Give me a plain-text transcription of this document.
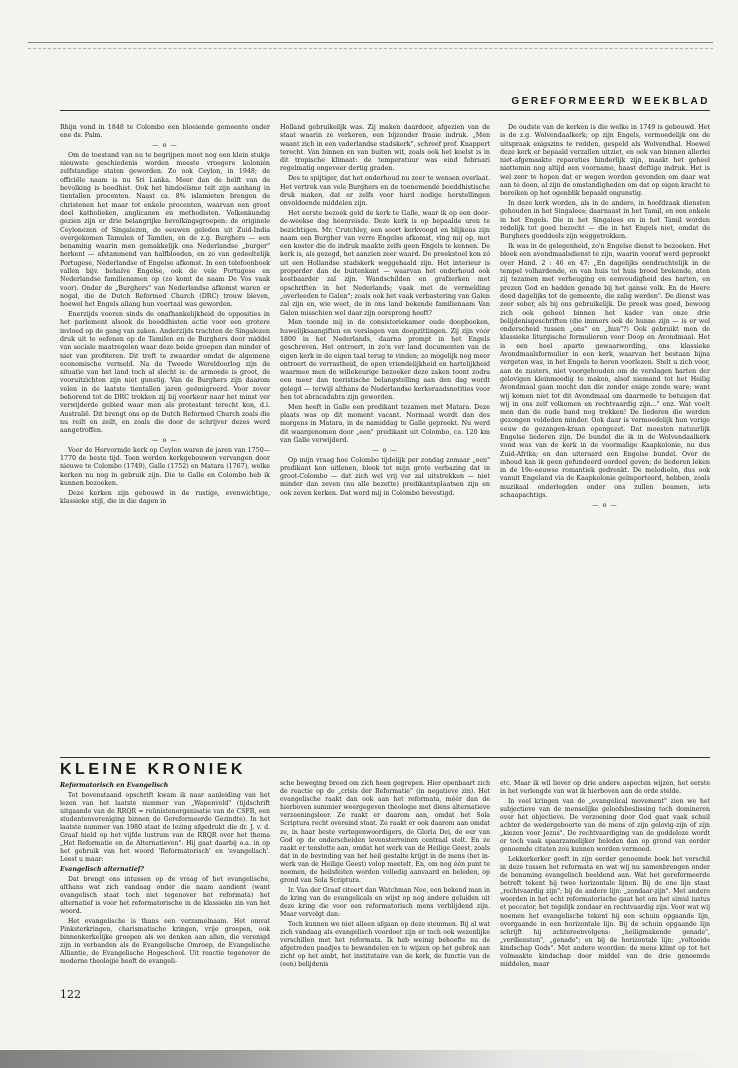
GEREFORMEERD WEEKBLAD

Rhijn vond in 1848 te Colombo een bloeiende gemeente onder ene ds. Palm.

— o —

Om de toestand van nu te begrijpen moet nog een klein stukje nieuwste geschiedenis worden meeste vroegere kolonién zelfstandige staten geworden. Zo ook Ceylon, in 1948; de officiële naam is nu Sri Lanka. Meer dan de helft van de bevolking is boedhist. Ook het hindoeïsme telt zijn aanhang in tientallen procenten. Naast ca. 8% islamieten brengen de christenen het maar tot enkele procenten, waarvan een groot deel katholieken, anglicanen en methodisten. Volkenkundig gezien zijn er drie belangrijke bevolkingsgroepen: de originele Ceylonezen of Singalezen, de eeuwen geleden uit Zuid-India overgekomen Tamulen of Tamilen, en de z.g. Burghers — een benaming waarin men gemakkelijk ons Nederlandse „burger" herkent — afstammend van halfbloeden, en zo van gedeeltelijk Portugese, Nederlandse of Engelse afkomst. In een telefoonboek vallen bijv. behalve Engelse, ook de vele Portugese en Nederlandse familienamen op (zo komt de naam De Vos vaak voor). Onder de „Burghers" van Nederlandse afkomst waren er nogal, die de Dutch Reformed Church (DRC) trouw bleven, hoewel het Engels allang hun voertaal was geworden.

Enerzijds voeren sinds de onafhankelijkheid de opposities in het parlement alsook de boeddhisten actie voor een grotere invloed op de gang van zaken. Anderzijds trachten de Singalezen druk uit te oefenen op de Tamilen en de Burghers door middel van sociale maatregelen waar deze beide groepen dan minder of niet van profiteren. Dit treft te zwaarder omdat de algemene economische vermeld. Na de Tweede Wereldoorlog zijn de situatie van het land toch al slecht is: de armoede is groot, de vooruitzichten zijn niet gunstig. Van de Burghers zijn daarom velen in de laatste tientallen jaren geëmigreerd. Voor zover behorend tot de DRC trokken zij bij voorkeur naar het minst ver verwijderde gebied waar men als protestant terecht kon, d.i. Australië. Dit brengt ons op de Dutch Reformed Church zoals die nu reilt en zeilt, en zoals die door de schrijver dezes werd aangetroffen.

— o —

Voor de Hervormde kerk op Ceylon waren de jaren van 1750—1770 de beste tijd. Toen werden kerkgebouwen vervangen door nieuwe te Colombo (1749), Galle (1752) en Matara (1767), welke kerken nu nog in gebruik zijn. Die te Galle en Colombo heb ik kunnen bezoeken.

Deze kerken zijn gebouwd in de rustige, evenwichtige, klassieke stijl, die in die dagen in

Holland gebruikelijk was. Zij maken daardoor, afgezien van de staat waarin ze verkeren, een bijzonder fraaie indruk. „Men waant zich in een vaderlandse stadskerk", schreef prof. Knappert terecht. Van binnen en van buiten wit, zoals ook het koelst is in dit tropische klimaat: de temperatuur was eind februari regelmatig ongeveer dertig graden.

Des te spijtiger, dat het onderhoud nu zeer te wensen overlaat. Het vertrek van vele Burghers en de toenemende boeddhistische druk maken, dat er zelfs voor hard nodige herstellingen onvoldoende middelen zijn.

Het eerste bezoek gold de kerk te Galle, waar ik op een door-de-weekse dag heenreisde. Deze kerk is op bepaalde uren te bezichtigen. Mr. Crutchley, een soort kerkvoogd en blijkens zijn naam een Burgher van verre Engelse afkomst, ving mij op, met een koster die de indruk maakte zelfs geen Engels te kennen. De kerk is, als gezegd, het aanzien zeer waard. De preekstoel kon zó uit een Hollandse stadskerk weggehaald zijn. Het interieur is properder dan de buitenkant — waarvan het onderhoud ook kostbaarder zal zijn. Wandschilden en grafzerken met opschriften in het Nederlands; vaak met de vermelding „overleeden te Galen"; zoals ook het vaak verbastering van Galen zal zijn en, wie weet, de in ons land bekende familienaam Van Galen misschien wel daar zijn oorsprong heeft?

Men toonde mij in de consistoriekamer oude doopboeken, huwelijksaangiften en verslagen van doopzittingen. Zij zijn vóór 1800 in het Nederlands, daarna prompt in het Engels geschreven. Het ontroert, in zo'n ver land documenten van de eigen kerk in de eigen taal terug te vinden; zo mogelijk nog meer ontroert de verrastheid, de open vriendelijkheid en hartelijkheid waarmee men de willekeurige bezoeker deze zaken toont zodra een meer dan toeristische belangstelling aan den dag wordt gelegd — terwijl althans de Nederlandse kerkeraadsnotities voor hen tot abracadabra zijn geworden.

Men heeft in Galle een predikant tezamen met Matara. Deze plaats was op dit moment vacant. Normaal wordt dan des morgens in Matara, in de namiddag te Galle gepreekt. Nu werd dit waargenomen door „een" predikant uit Colombo, ca. 120 km van Galle verwijderd.

— o —

Op mijn vraag hoe Colombo tijdelijk per zondag zomaar „een" predikant kon uitlenen, bleek tot mijn grote verbazing dat in groot-Colombo — dat zich wel vrij ver zal uitstrekken — niet minder dan zeven (nu alle bezette) predikantsplaatsen zijn en ook zeven kerken. Dat werd mij in Colombo bevestigd.

De oudste van de kerken is die welke in 1749 is gebouwd. Het is de z.g. Wolvendaalkerk; op zijn Engels, vermoedelijk om de uitspraak enigszins te redden, gespeld als Wolvendhal. Hoewel deze kerk er bepaald verzallen uitziet, en ook van binnen allerlei niet-afgemaakte reparaties hinderlijk zijn, maakt het geheel niettemin nog altijd een voorname, haast deftige indruk. Het is wel zeer te hopen dat er wegen worden gevonden om daar wat aan te doen, al zijn de omstandigheden om dat op eigen kracht te bereiken op het ogenblik bepaald ongunstig.

In deze kerk worden, als in de andere, in hoofdzaak diensten gehouden in het Singalees; daarnaast in het Tamil, en een enkele in het Engels. Die in het Singalees en in het Tamil worden redelijk tot goed bezocht — die in het Engels niet, omdat de Burghers goeddeels zijn weggetrokken.

Ik was in de gelegenheid, zo'n Engelse dienst te bezoeken. Het bleek een avondmaalsdienst te zijn, waarin vooraf werd gepreekt over Hand. 2 : 46 en 47: „En dagelijks eendrachtelijk in de tempel volhardende, en van huis tot huis brood brekende, aten zij tezamen met verheuging en eenvoudigheid des harten, en prezen God en hadden genade bij het ganse volk. En de Heere deed dagelijks tot de gemeente, die zalig werden". De dienst was zeer sober, als bij ons gebruikelijk. De preek was goed, bewoog zich ook geheel binnen het kader van onze drie belijdenisgeschriften (die immers ook de hunne zijn — is er wel onderscheid tussen „ons" en „hun"?) Ook gebruikt men de klassieke liturgische formulieren voor Doop en Avondmaal. Het is een heel aparte gewaarwording, ons klassieke Avondmaalsformulier in een kerk, waarvan het bestaan bijna vergeten was, in het Engels te horen voorlezen. Stelt u zich voor, aan de zusters, niet voorgehouden om de verslagen harten der gelovigen kleinmoedig te maken, alsof niemand tot het Heilig Avondmaal gaan mocht dan die zonder enige zonde ware; want wij komen niet tot dit Avondmaal om daarmede te betuigen dat wij in ons zelf volkomen en rechtvaardig zijn..." enz. Wat voelt men dan de oude band nog trekken! De liederen die werden gezongen voldeden minder. Ook daar is vermoedelijk hun vorige eeuw de gezangen-kraan opengezet. Dat moesten natuurlijk Engelse liederen zijn. De bundel die ik in de Wolvendaalkerk vond was van de kerk in de voormalige Kaapkolonie, nu dus Zuid-Afrika; en dan uiteraard een Engelse bundel. Over de inhoud kan ik geen gefundeerd oordeel geven; de liederen leken in de 19e-eeuwse romantiek gedrenkt. De melodieën, dus ook vanuit Engeland via de Kaapkolonie geïmporteerd, hebben, zoals muzikaal onderlegden onder ons zullen beamen, iets schaapachtigs.

— o —

KLEINE KRONIEK

Reformatorisch en Evangelisch

Tot bovenstaand opschrift kwam ik naar aanleiding van het lezen van het laatste nummer van „Wapenveld" (tijdschrift uitgaande van de RRQR = reünistenorganisatie van de CSFR, een studentenvereniging binnen de Gereformeerde Gezindte). In het laatste nummer van 1980 staat de lezing afgedrukt die dr. J. v. d. Graaf hield op het vijfde lustrum van de RRQR over het thema „Het Reformatie en de Alternatieven". Hij gaat daarbij o.a. in op het gebruik van het woord 'Reformatorisch' en 'evangelisch'. Leest u maar:

Evangelisch alternatief?

Dat brengt ons intussen op de vraag of het evangelische, althans wat zich vandaag onder die naam aandient (want evangelisch staat toch niet tegenover het reformata) het alternatief is voor het reformatorische in de klassieke zin van het woord.

Het evangelische is thans een verzamelnaam. Het omvat Pinksterkringen, charismatische kringen, vrije groepen, ook binnenkerkelijke groepen als we denken aan allen, die verenigd zijn in verbanden als de Evangelische Omroep, de Evangelische Alliantie, de Evangelische Hogeschool. Uit reactie tegenover de moderne theologie heeft de evangeli-

sche beweging breed om zich heen gegrepen. Hier openbaart zich de reactie op de „crisis der Reformatie" (in negatieve zin). Het evangelische raakt dan ook aan het reformata, méér dan de hierboven summier weergegeven theologie met diens alternatieve verzeeningsleer. Ze raakt er daarom aan, omdat het Sola Scriptura recht overeind staat. Ze raakt er ook daarom aan omdat ze, in haar beste vertegenwoordigers, de Gloria Dei, de eer van God op de onderscheiden levensterreinen centraal stelt. En ze raakt er tenslotte aan, omdat het werk van de Heilige Geest, zoals dat in de bevinding van het heil gestalte krijgt in de mens (het in-werk van de Heilige Geest) volop meetelt. En, om nog één punt te noemen, de heilsfeiten worden volledig aanvaard en beleden, op grond van Sola Scriptura.

Ir. Van der Graaf citeert dan Watchman Nee, een bekend man in de kring van de evangelicals en wijst op nog andere geluiden uit deze kring die voor een reformatorisch mens verblijdend zijn. Maar vervolgt dan:

Toch kunnen we niet alleen afgaan op deze stemmen. Bij al wat zich vandaag als evangelisch voordoet zijn er toch ook wezenlijke verschillen met het reformata. Ik heb weinig behoefte nu de afgetreden paadjes te bewandelen en te wijzen op het gebrek aan zicht op het ambt, het institutaire van de kerk, de functie van de (een) belijdenis

etc. Maar ik wil liever op drie andere aspecten wijzen, het eerste in het verlengde van wat ik hierboven aan de orde stelde.

In veel kringen van de „evangelical movement" zien we het subjectieve van de menselijke geloofsbeslissing toch domineren over het objectieve. De verzoening door God gaat vaak schuil achter de wedergeboorte van de mens of zijn gelovig-zijn of zijn „kiezen voor Jezus". De rechtvaardiging van de goddeloze wordt er toch vaak spaarzamelijker beleden dan op grond van eerder genoemde citaten zou kunnen worden vermoed.

Lekkerkerker geeft in zijn eerder genoemde boek het verschil in deze tussen het reformata en wat wij nu samenbrengen onder de benaming evangelisch beeldend aan. Wat het gereformeerde betreft tekent hij twee horizontale lijnen. Bij de ene lijn staat „rechtvaardig zijn"; bij de andere lijn: „zondaar-zijn". Met andere woorden in het echt reformatorische gaat het om het simul iustus et peccator, het tegelijk zondaar en rechtvaardig zijn. Voor wat wij noemen het evangelische tekent hij een schuin opgaande lijn, overgaande in een horizontale lijn. Bij de schuin opgaande lijn schrijft hij achtereenvolgens: „heiligmakende genade", „verdiensten", „genade"; en bij de horizontale lijn: „voltooide kindschap Gods". Met andere woorden: de mens klimt op tot het volmaakte kindschap door middel van de drie genoemde middelen, maar

122
